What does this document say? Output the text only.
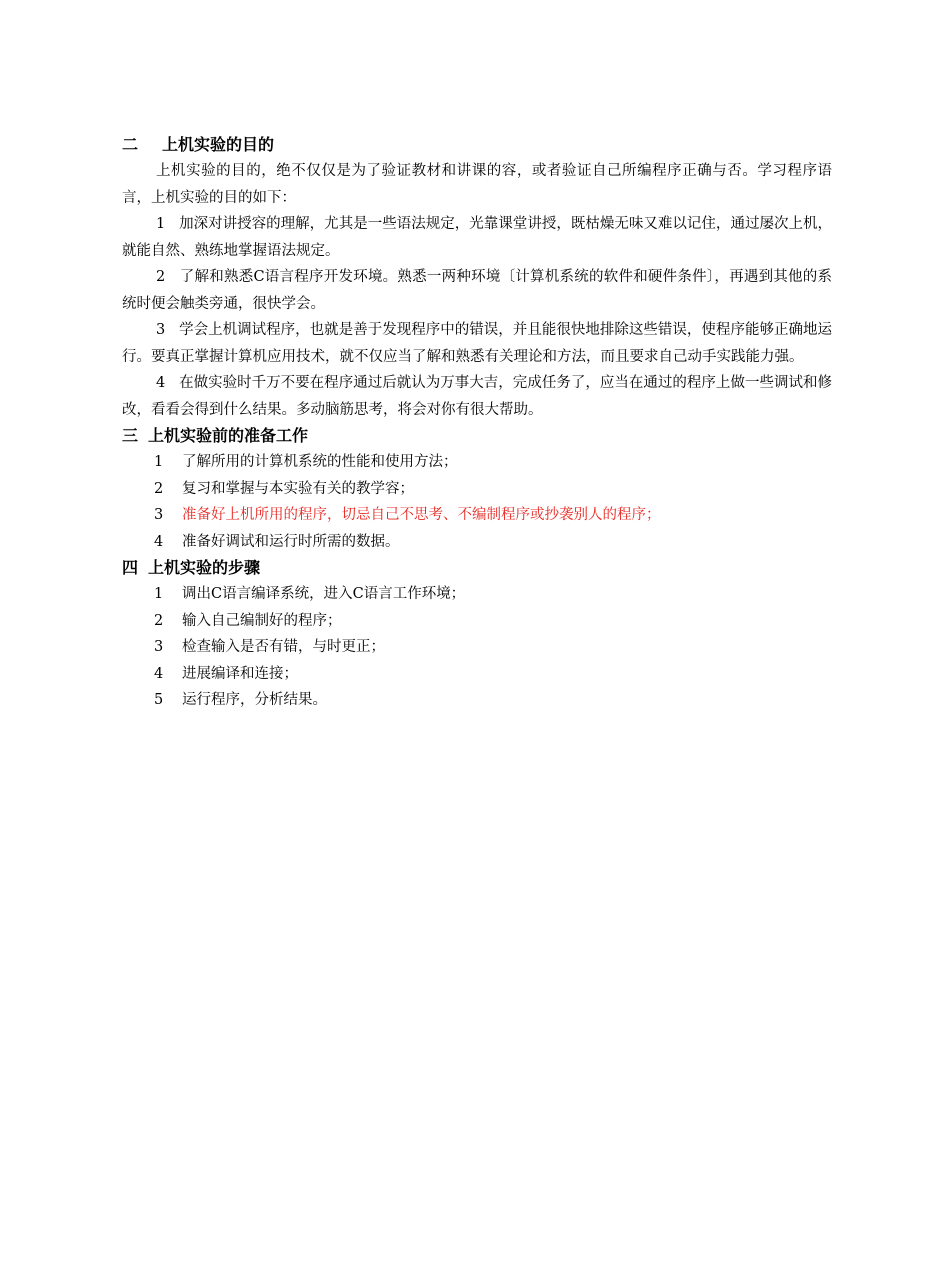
二 上机实验的目的

上机实验的目的，绝不仅仅是为了验证教材和讲课的容，或者验证自己所编程序正确与否。学习程序语言，上机实验的目的如下：

1 加深对讲授容的理解，尤其是一些语法规定，光靠课堂讲授，既枯燥无味又难以记住，通过屡次上机，就能自然、熟练地掌握语法规定。

2 了解和熟悉C语言程序开发环境。熟悉一两种环境〔计算机系统的软件和硬件条件〕，再遇到其他的系统时便会触类旁通，很快学会。

3 学会上机调试程序，也就是善于发现程序中的错误，并且能很快地排除这些错误，使程序能够正确地运行。要真正掌握计算机应用技术，就不仅应当了解和熟悉有关理论和方法，而且要求自己动手实践能力强。

4 在做实验时千万不要在程序通过后就认为万事大吉，完成任务了，应当在通过的程序上做一些调试和修改，看看会得到什么结果。多动脑筋思考，将会对你有很大帮助。

三 上机实验前的准备工作

1 了解所用的计算机系统的性能和使用方法；

2 复习和掌握与本实验有关的教学容；

3 准备好上机所用的程序，切忌自己不思考、不编制程序或抄袭别人的程序；

4 准备好调试和运行时所需的数据。

四 上机实验的步骤

1 调出C语言编译系统，进入C语言工作环境；

2 输入自己编制好的程序；

3 检查输入是否有错，与时更正；

4 进展编译和连接；

5 运行程序，分析结果。
